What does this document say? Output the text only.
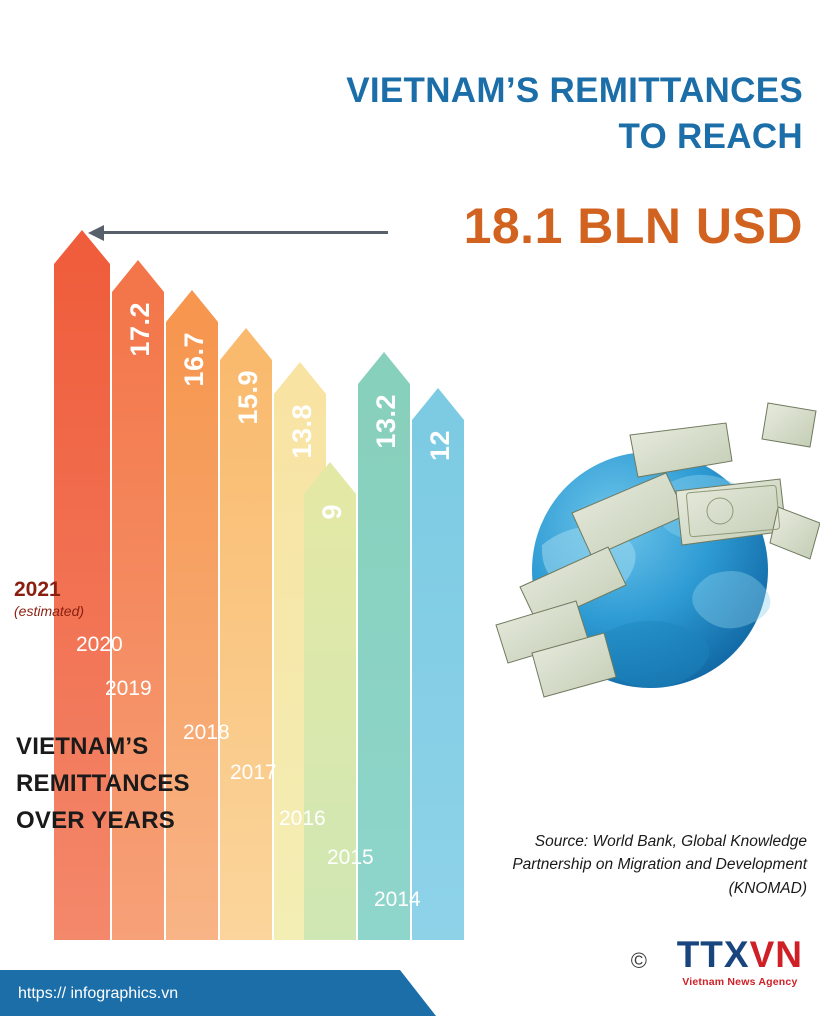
VIETNAM’S REMITTANCES
TO REACH
18.1 BLN USD
17.2
16.7
15.9
13.8
9
13.2 12
2021
(estimated)
2020
2019
2018
2017
2016
2015
2014
VIETNAM’S
REMITTANCES
OVER YEARS
Source: World Bank, Global Knowledge Partnership on Migration and Development (KNOMAD)
https:// infographics.vn
© TTXVN
Vietnam News Agency
